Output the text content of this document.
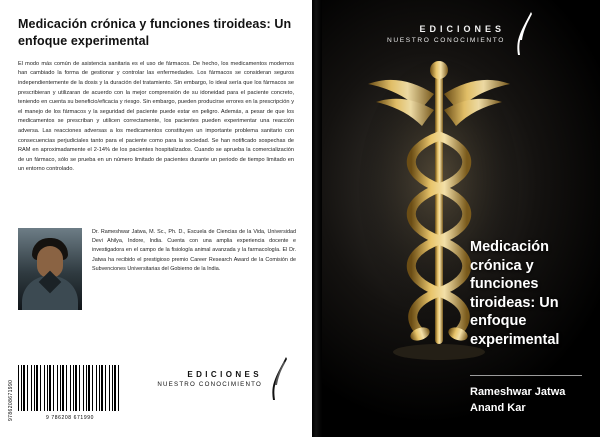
Medicación crónica y funciones tiroideas: Un enfoque experimental
El modo más común de asistencia sanitaria es el uso de fármacos. De hecho, los medicamentos modernos han cambiado la forma de gestionar y controlar las enfermedades. Los fármacos se consideran seguros independientemente de la dosis y la duración del tratamiento. Sin embargo, lo ideal sería que los fármacos se prescribieran y utilizaran de acuerdo con la mejor comprensión de su idoneidad para el paciente concreto, teniendo en cuenta su beneficio/eficacia y riesgo. Sin embargo, pueden producirse errores en la prescripción y el manejo de los fármacos y la seguridad del paciente puede estar en peligro. Además, a pesar de que los medicamentos se prescriban y utilicen correctamente, los pacientes pueden experimentar una reacción adversa. Las reacciones adversas a los medicamentos constituyen un importante problema sanitario con consecuencias perjudiciales tanto para el paciente como para la sociedad. Se han notificado sospechas de RAM en aproximadamente el 2-14% de los pacientes hospitalizados. Cuando se aprueba la comercialización de un fármaco, sólo se prueba en un número limitado de pacientes durante un periodo de tiempo limitado en un entorno controlado.
Dr. Rameshwar Jatwa, M. Sc., Ph. D., Escuela de Ciencias de la Vida, Universidad Devi Ahilya, Indore, India. Cuenta con una amplia experiencia docente e investigadora en el campo de la fisiología animal avanzada y la farmacología. El Dr. Jatwa ha recibido el prestigioso premio Career Research Award de la Comisión de Subvenciones Universitarias del Gobierno de la India.
9786208671990	9 786208 671990
EDICIONES
NUESTRO CONOCIMIENTO
EDICIONES
NUESTRO CONOCIMIENTO
Medicación crónica y funciones tiroideas: Un enfoque experimental
Rameshwar Jatwa
Anand Kar
